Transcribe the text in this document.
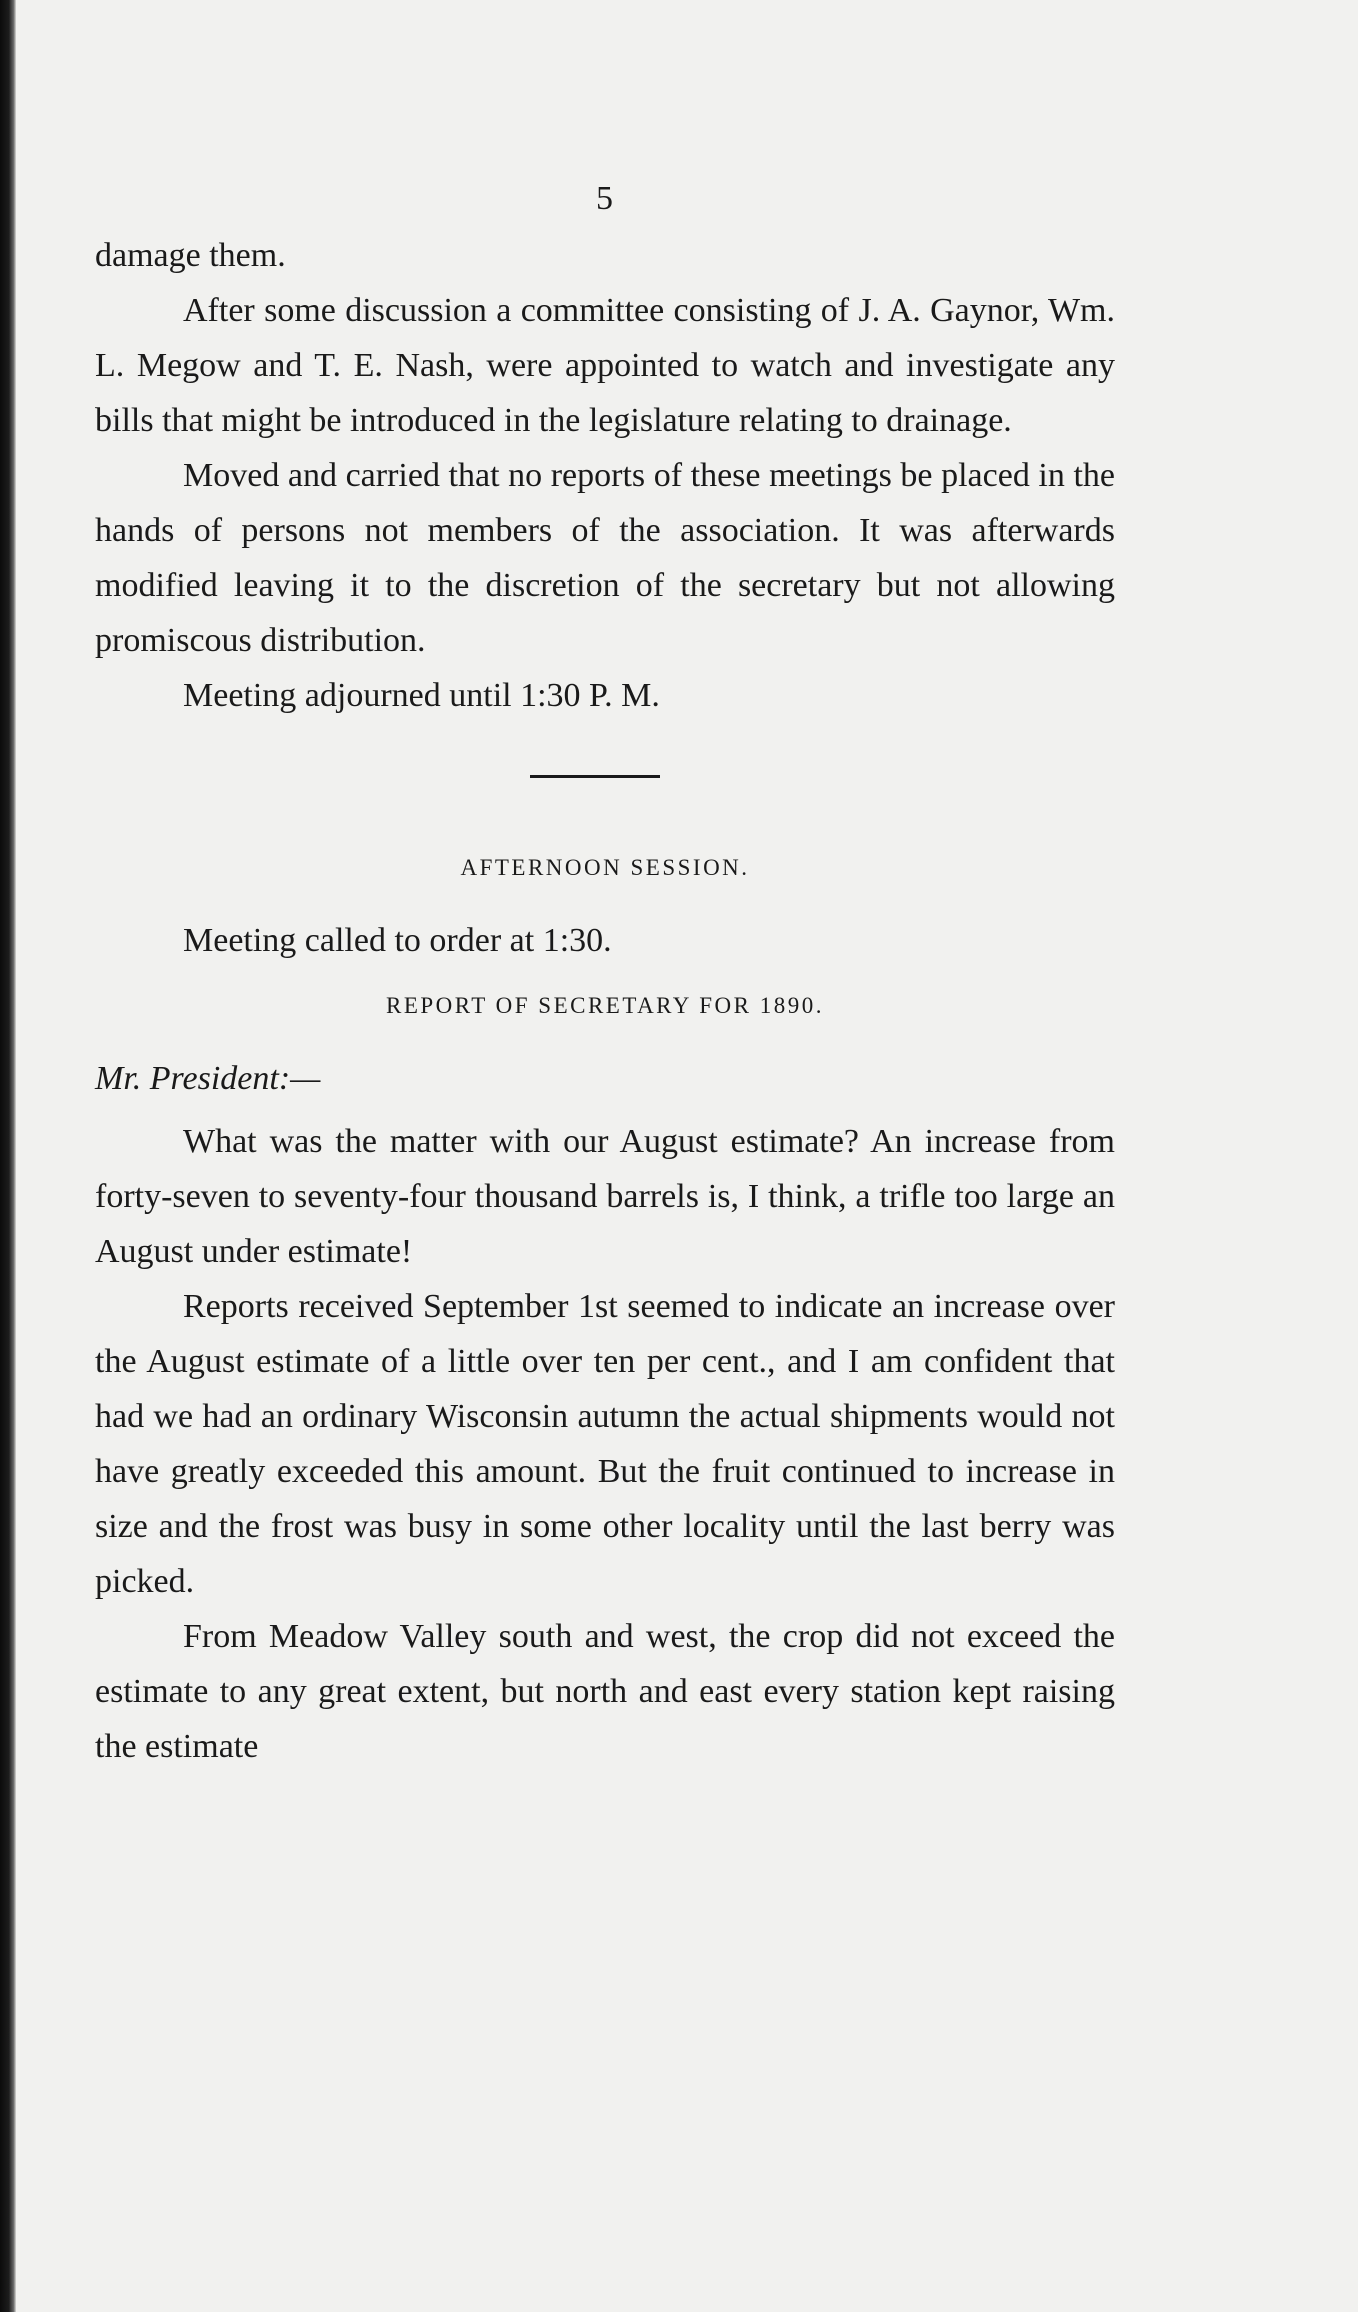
5

damage them.

After some discussion a committee consisting of J. A. Gaynor, Wm. L. Megow and T. E. Nash, were appointed to watch and investigate any bills that might be introduced in the legislature relating to drainage.

Moved and carried that no reports of these meetings be placed in the hands of persons not members of the association. It was afterwards modified leaving it to the discretion of the secretary but not allowing promiscous distribution.

Meeting adjourned until 1:30 P. M.

AFTERNOON SESSION.

Meeting called to order at 1:30.

REPORT OF SECRETARY FOR 1890.

Mr. President:—

What was the matter with our August estimate? An increase from forty-seven to seventy-four thousand barrels is, I think, a trifle too large an August under estimate!

Reports received September 1st seemed to indicate an increase over the August estimate of a little over ten per cent., and I am confident that had we had an ordinary Wisconsin autumn the actual shipments would not have greatly exceeded this amount. But the fruit continued to increase in size and the frost was busy in some other locality until the last berry was picked.

From Meadow Valley south and west, the crop did not exceed the estimate to any great extent, but north and east every station kept raising the estimate
